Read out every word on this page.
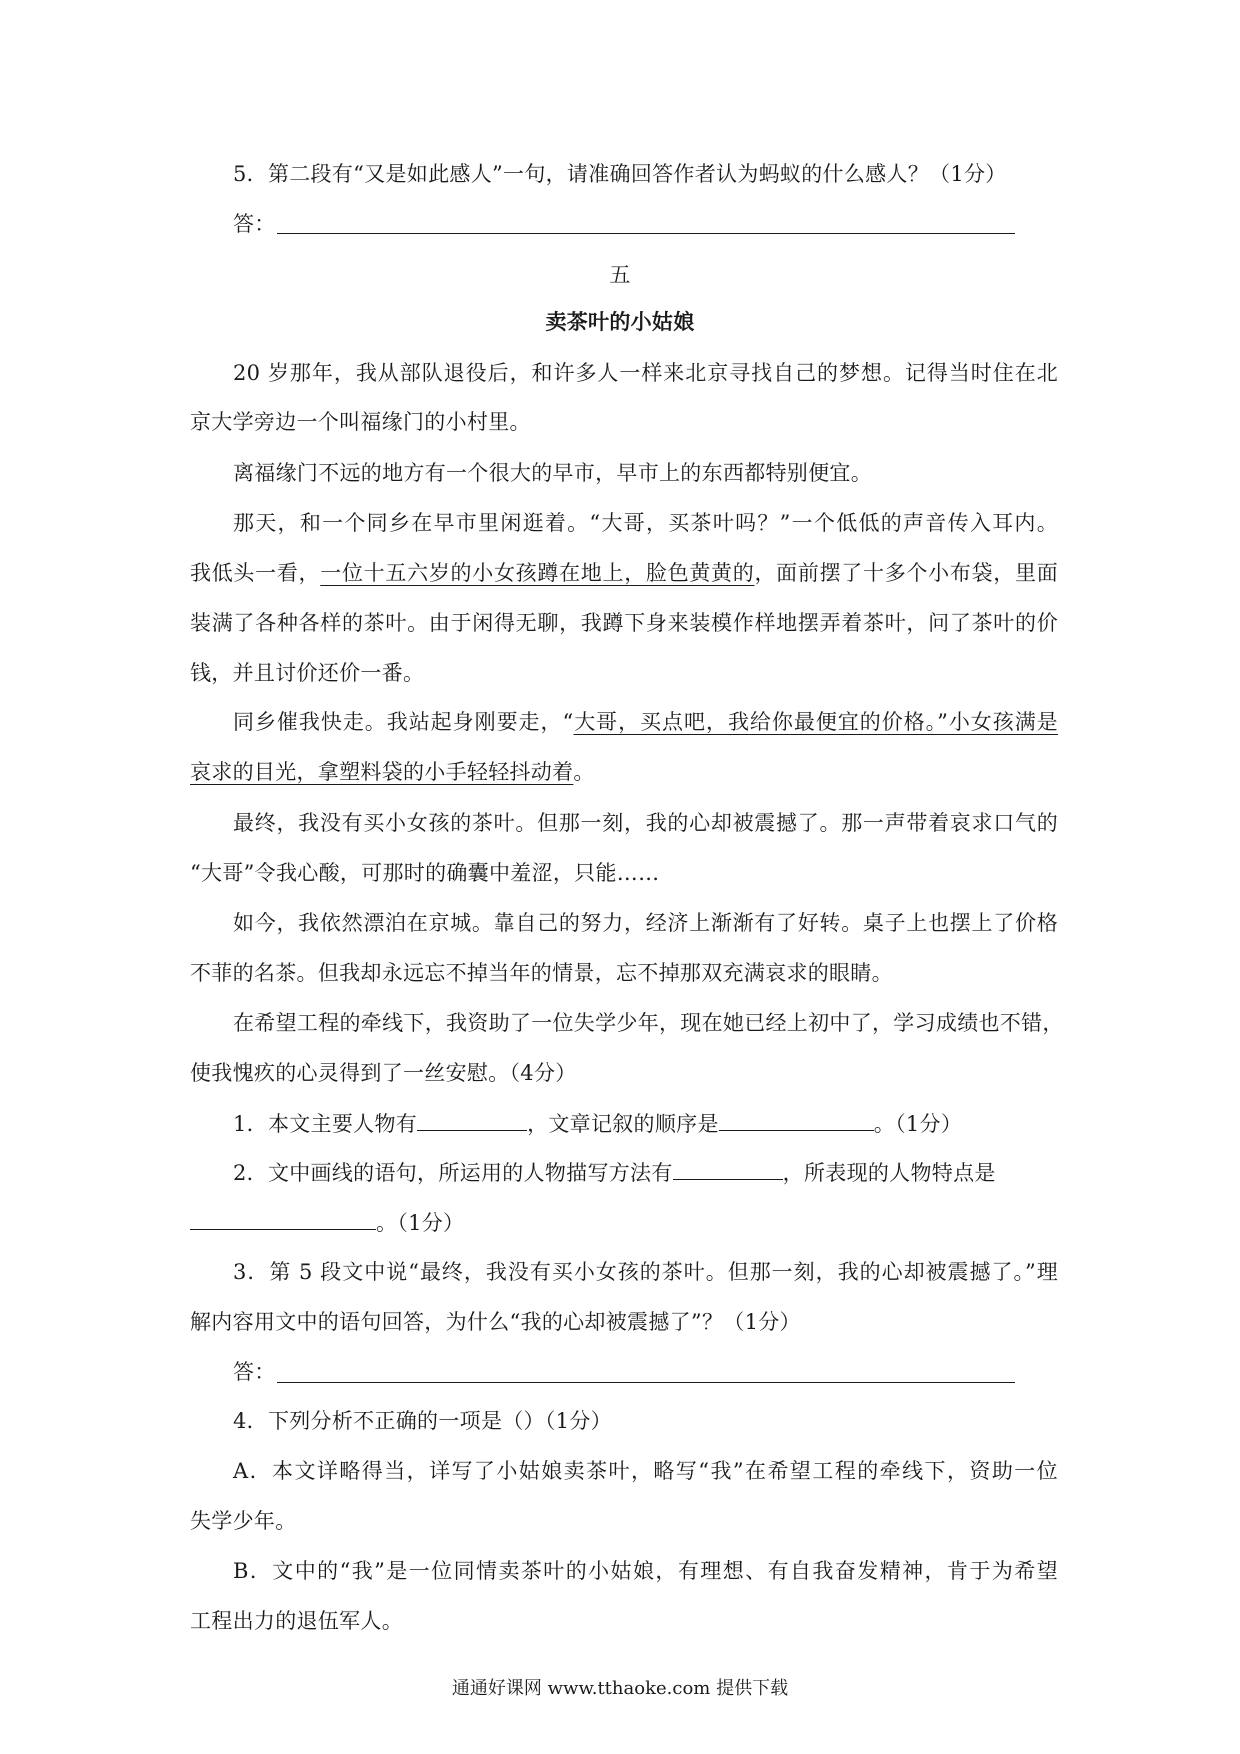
5．第二段有“又是如此感人”一句，请准确回答作者认为蚂蚁的什么感人？（1分）
答：
五
卖茶叶的小姑娘
20 岁那年，我从部队退役后，和许多人一样来北京寻找自己的梦想。记得当时住在北
京大学旁边一个叫福缘门的小村里。
离福缘门不远的地方有一个很大的早市，早市上的东西都特别便宜。
那天，和一个同乡在早市里闲逛着。“大哥，买茶叶吗？”一个低低的声音传入耳内。
我低头一看，一位十五六岁的小女孩蹲在地上，脸色黄黄的，面前摆了十多个小布袋，里面
装满了各种各样的茶叶。由于闲得无聊，我蹲下身来装模作样地摆弄着茶叶，问了茶叶的价
钱，并且讨价还价一番。
同乡催我快走。我站起身刚要走，“大哥，买点吧，我给你最便宜的价格。”小女孩满是
哀求的目光，拿塑料袋的小手轻轻抖动着。
最终，我没有买小女孩的茶叶。但那一刻，我的心却被震撼了。那一声带着哀求口气的
“大哥”令我心酸，可那时的确囊中羞涩，只能……
如今，我依然漂泊在京城。靠自己的努力，经济上渐渐有了好转。桌子上也摆上了价格
不菲的名茶。但我却永远忘不掉当年的情景，忘不掉那双充满哀求的眼睛。
在希望工程的牵线下，我资助了一位失学少年，现在她已经上初中了，学习成绩也不错，
使我愧疚的心灵得到了一丝安慰。（4分）
1．本文主要人物有	，文章记叙的顺序是	。（1分）
2．文中画线的语句，所运用的人物描写方法有	，所表现的人物特点是
。（1分）
3．第 5 段文中说“最终，我没有买小女孩的茶叶。但那一刻，我的心却被震撼了。”理
解内容用文中的语句回答，为什么“我的心却被震撼了”？（1分）
答：
4．下列分析不正确的一项是（）（1分）
A．本文详略得当，详写了小姑娘卖茶叶，略写“我”在希望工程的牵线下，资助一位
失学少年。
B．文中的“我”是一位同情卖茶叶的小姑娘，有理想、有自我奋发精神，肯于为希望
工程出力的退伍军人。
通通好课网 www.tthaoke.com 提供下载
